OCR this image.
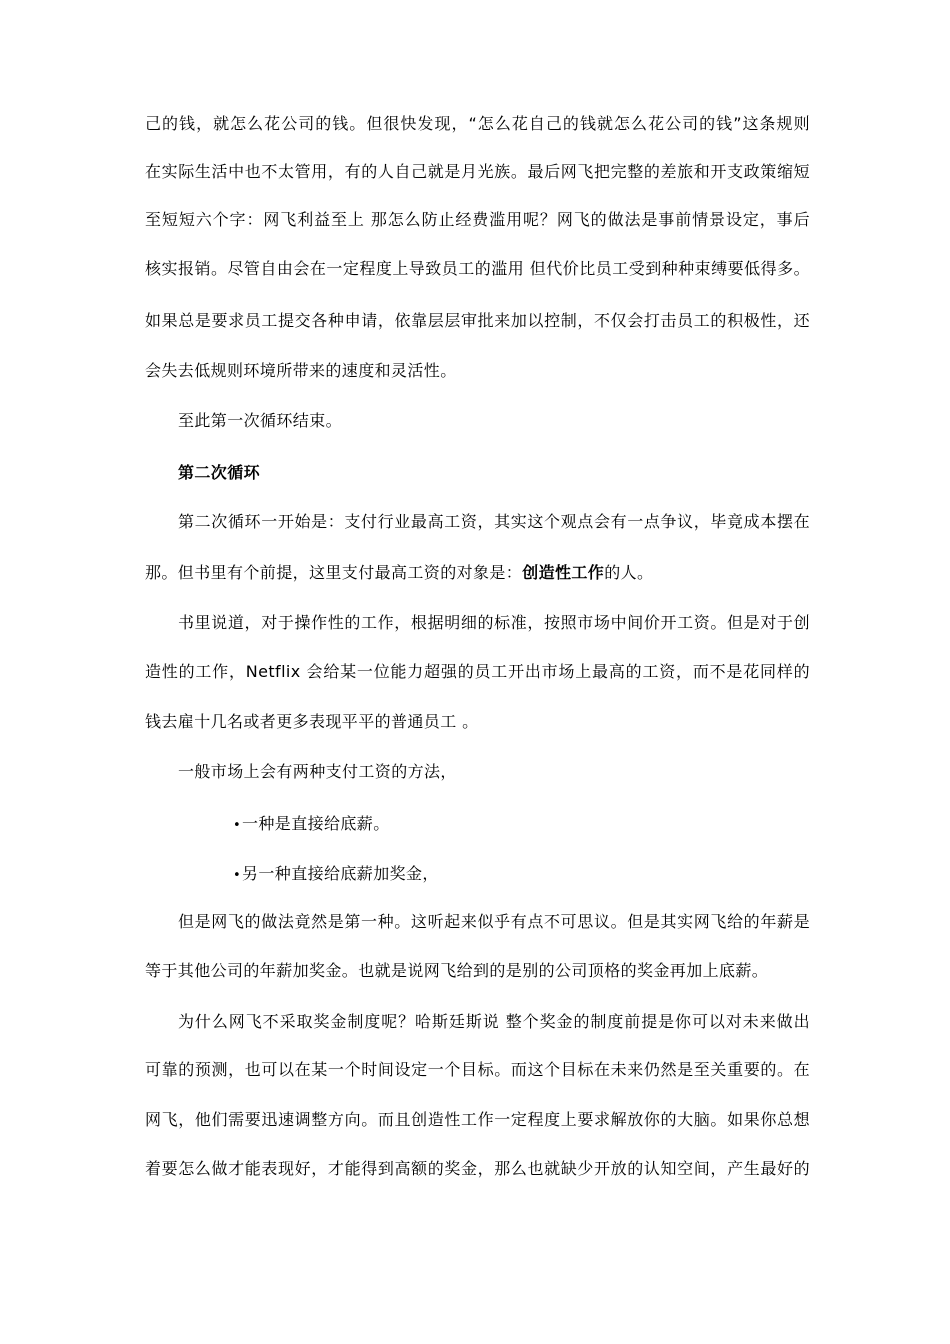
己的钱，就怎么花公司的钱。但很快发现，“怎么花自己的钱就怎么花公司的钱”这条规则
在实际生活中也不太管用，有的人自己就是月光族。最后网飞把完整的差旅和开支政策缩短
至短短六个字：网飞利益至上 那怎么防止经费滥用呢？网飞的做法是事前情景设定，事后
核实报销。尽管自由会在一定程度上导致员工的滥用 但代价比员工受到种种束缚要低得多。
如果总是要求员工提交各种申请，依靠层层审批来加以控制，不仅会打击员工的积极性，还
会失去低规则环境所带来的速度和灵活性。
至此第一次循环结束。
第二次循环
第二次循环一开始是：支付行业最高工资，其实这个观点会有一点争议，毕竟成本摆在
那。但书里有个前提，这里支付最高工资的对象是：创造性工作的人。
书里说道，对于操作性的工作，根据明细的标准，按照市场中间价开工资。但是对于创
造性的工作，Netflix 会给某一位能力超强的员工开出市场上最高的工资，而不是花同样的
钱去雇十几名或者更多表现平平的普通员工 。
一般市场上会有两种支付工资的方法，
•一种是直接给底薪。
•另一种直接给底薪加奖金，
但是网飞的做法竟然是第一种。这听起来似乎有点不可思议。但是其实网飞给的年薪是
等于其他公司的年薪加奖金。也就是说网飞给到的是别的公司顶格的奖金再加上底薪。
为什么网飞不采取奖金制度呢？哈斯廷斯说 整个奖金的制度前提是你可以对未来做出
可靠的预测，也可以在某一个时间设定一个目标。而这个目标在未来仍然是至关重要的。在
网飞，他们需要迅速调整方向。而且创造性工作一定程度上要求解放你的大脑。如果你总想
着要怎么做才能表现好，才能得到高额的奖金，那么也就缺少开放的认知空间，产生最好的
